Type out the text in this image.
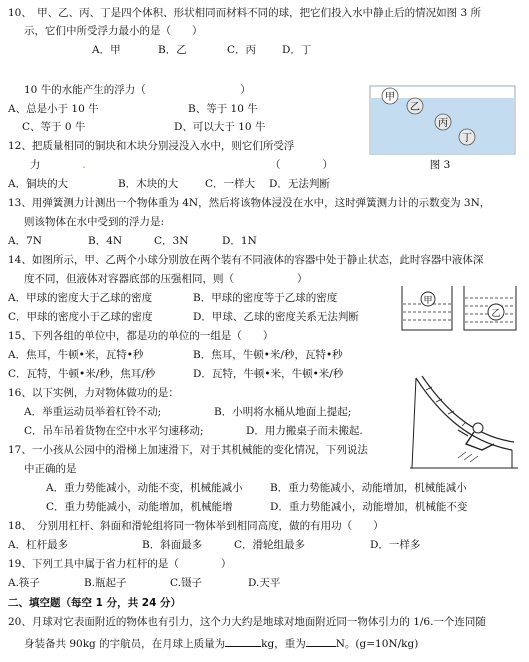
10、　甲、乙、丙、丁是四个体积、形状相同而材料不同的球，把它们投入水中静止后的情况如图 3 所
示，它们中所受浮力最小的是（　　）
A．甲	B．乙	C．丙 D．丁
10 牛的水能产生的浮力（　　　　　　　　　）
A、总是小于 10 牛	B、等于 10 牛
C、等于 0 牛	D、可以大于 10 牛
甲
乙
丙
丁
图 3
12、把质量相同的铜块和木块分别浸没入水中，则它们所受浮
力	.	（　　　　）
A．铜块的大	B．木块的大	C．一样大 D．无法判断
13、用弹簧测力计测出一个物体重为 4N，然后将该物体浸没在水中，这时弹簧测力计的示数变为 3N，
则该物体在水中受到的浮力是:
A．7N	B．4N	C．3N	D．1N
14、如图所示，甲、乙两个小球分别放在两个装有不同液体的容器中处于静止状态，此时容器中液体深
度不同，但液体对容器底部的压强相同，则（　　　　　　）
A．甲球的密度大于乙球的密度	B．甲球的密度等于乙球的密度
C．甲球的密度小于乙球的密度	D．甲球、乙球的密度关系无法判断
甲
乙
15、下列各组的单位中，都是功的单位的一组是（　　）
A．焦耳，牛顿•米，瓦特•秒	B．焦耳，牛顿•米/秒，瓦特•秒
C．瓦特，牛顿•米/秒，焦耳/秒	D．瓦特，牛顿•米，牛顿•米/秒
16、以下实例，力对物体做功的是：
A．举重运动员举着杠铃不动;	B．小明将水桶从地面上提起;
C．吊车吊着货物在空中水平匀速移动;	D．用力搬桌子而未搬起.
17、一小孩从公园中的滑梯上加速滑下，对于其机械能的变化情况，下列说法
中正确的是
A．重力势能减小，动能不变，机械能减小	B．重力势能减小，动能增加，机械能减小
C．重力势能减小，动能增加，机械能增	D．重力势能减小，动能增加，机械能不变
18、　分别用杠杆、斜面和滑轮组将同一物体举到相同高度，做的有用功（　　）
A．杠杆最多	B．斜面最多	C．滑轮组最多	D．一样多
19、下列工具中属于省力杠杆的是（　　　　）
A.筷子	B.瓶起子	C.镊子	D.天平
二、填空题（每空 1 分，共 24 分）
20、月球对它表面附近的物体也有引力，这个力大约是地球对地面附近同一物体引力的 1/6.一个连同随
身装备共 90kg 的宇航员，在月球上质量为	kg，重为	N。(g=10N/kg)
